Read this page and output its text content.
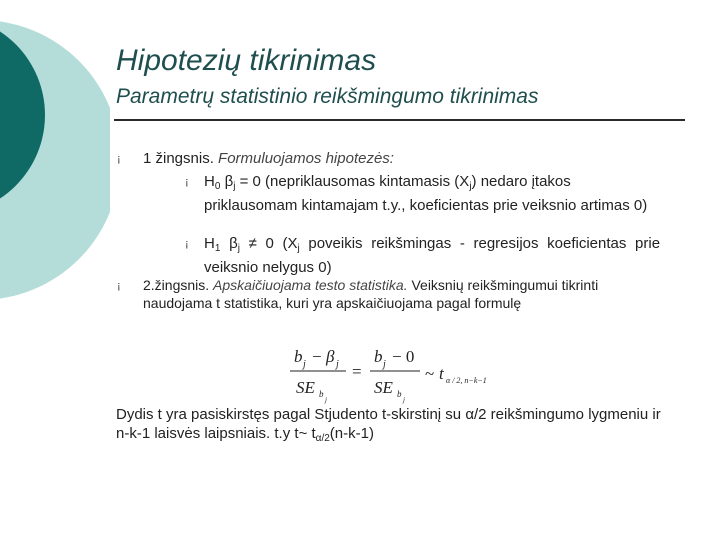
Hipotezių tikrinimas
Parametrų statistinio reikšmingumo tikrinimas
¡ 1 žingsnis. Formuluojamos hipotezės:
¡ $H_0$ $\beta_j = 0$ (nepriklausomas kintamasis $(X_j)$ nedaro įtakos priklausomam kintamajam t.y., koeficientas prie veiksnio artimas 0)
¡ $H_1$ $\beta_j \ne 0$ ($X_j$ poveikis reikšmingas - regresijos koeficientas prie veiksnio nelygus 0)
¡ 2.žingsnis. Apskaičiuojama testo statistika. Veiksnių reikšmingumui tikrinti naudojama t statistika, kuri yra apskaičiuojama pagal formulę
b j − β j
SE b
j
=
b j − 0
SE b
j
~ t α / 2, n−k−1
Dydis t yra pasiskirstęs pagal Stjudento t-skirstinį su α/2 reikšmingumo lygmeniu ir n-k-1 laisvės laipsniais. t.y t~ $t_{\alpha/2}(n-k-1)$
